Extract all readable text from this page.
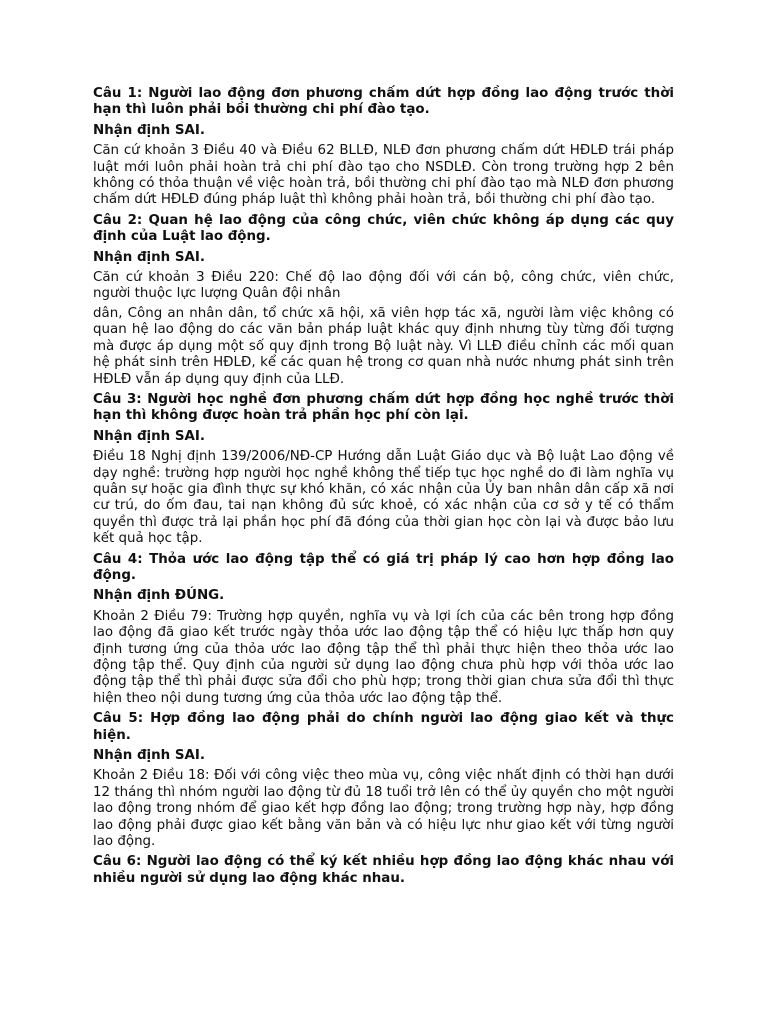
Câu 1: Người lao động đơn phương chấm dứt hợp đồng lao động trước thời hạn thì luôn phải bồi thường chi phí đào tạo.

Nhận định SAI.

Căn cứ khoản 3 Điều 40 và Điều 62 BLLĐ, NLĐ đơn phương chấm dứt HĐLĐ trái pháp luật mới luôn phải hoàn trả chi phí đào tạo cho NSDLĐ. Còn trong trường hợp 2 bên không có thỏa thuận về việc hoàn trả, bồi thường chi phí đào tạo mà NLĐ đơn phương chấm dứt HĐLĐ đúng pháp luật thì không phải hoàn trả, bồi thường chi phí đào tạo.

Câu 2: Quan hệ lao động của công chức, viên chức không áp dụng các quy định của Luật lao động.

Nhận định SAI.

Căn cứ khoản 3 Điều 220: Chế độ lao động đối với cán bộ, công chức, viên chức, người thuộc lực lượng Quân đội nhân

dân, Công an nhân dân, tổ chức xã hội, xã viên hợp tác xã, người làm việc không có quan hệ lao động do các văn bản pháp luật khác quy định nhưng tùy từng đối tượng mà được áp dụng một số quy định trong Bộ luật này. Vì LLĐ điều chỉnh các mối quan hệ phát sinh trên HĐLĐ, kể các quan hệ trong cơ quan nhà nước nhưng phát sinh trên HĐLĐ vẫn áp dụng quy định của LLĐ.

Câu 3: Người học nghề đơn phương chấm dứt hợp đồng học nghề trước thời hạn thì không được hoàn trả phần học phí còn lại.

Nhận định SAI.

Điều 18 Nghị định 139/2006/NĐ-CP Hướng dẫn Luật Giáo dục và Bộ luật Lao động về dạy nghề: trường hợp người học nghề không thể tiếp tục học nghề do đi làm nghĩa vụ quân sự hoặc gia đình thực sự khó khăn, có xác nhận của Ủy ban nhân dân cấp xã nơi cư trú, do ốm đau, tai nạn không đủ sức khoẻ, có xác nhận của cơ sở y tế có thẩm quyền thì được trả lại phần học phí đã đóng của thời gian học còn lại và được bảo lưu kết quả học tập.

Câu 4: Thỏa ước lao động tập thể có giá trị pháp lý cao hơn hợp đồng lao động.

Nhận định ĐÚNG.

Khoản 2 Điều 79: Trường hợp quyền, nghĩa vụ và lợi ích của các bên trong hợp đồng lao động đã giao kết trước ngày thỏa ước lao động tập thể có hiệu lực thấp hơn quy định tương ứng của thỏa ước lao động tập thể thì phải thực hiện theo thỏa ước lao động tập thể. Quy định của người sử dụng lao động chưa phù hợp với thỏa ước lao động tập thể thì phải được sửa đổi cho phù hợp; trong thời gian chưa sửa đổi thì thực hiện theo nội dung tương ứng của thỏa ước lao động tập thể.

Câu 5: Hợp đồng lao động phải do chính người lao động giao kết và thực hiện.

Nhận định SAI.

Khoản 2 Điều 18: Đối với công việc theo mùa vụ, công việc nhất định có thời hạn dưới 12 tháng thì nhóm người lao động từ đủ 18 tuổi trở lên có thể ủy quyền cho một người lao động trong nhóm để giao kết hợp đồng lao động; trong trường hợp này, hợp đồng lao động phải được giao kết bằng văn bản và có hiệu lực như giao kết với từng người lao động.

Câu 6: Người lao động có thể ký kết nhiều hợp đồng lao động khác nhau với nhiều người sử dụng lao động khác nhau.
